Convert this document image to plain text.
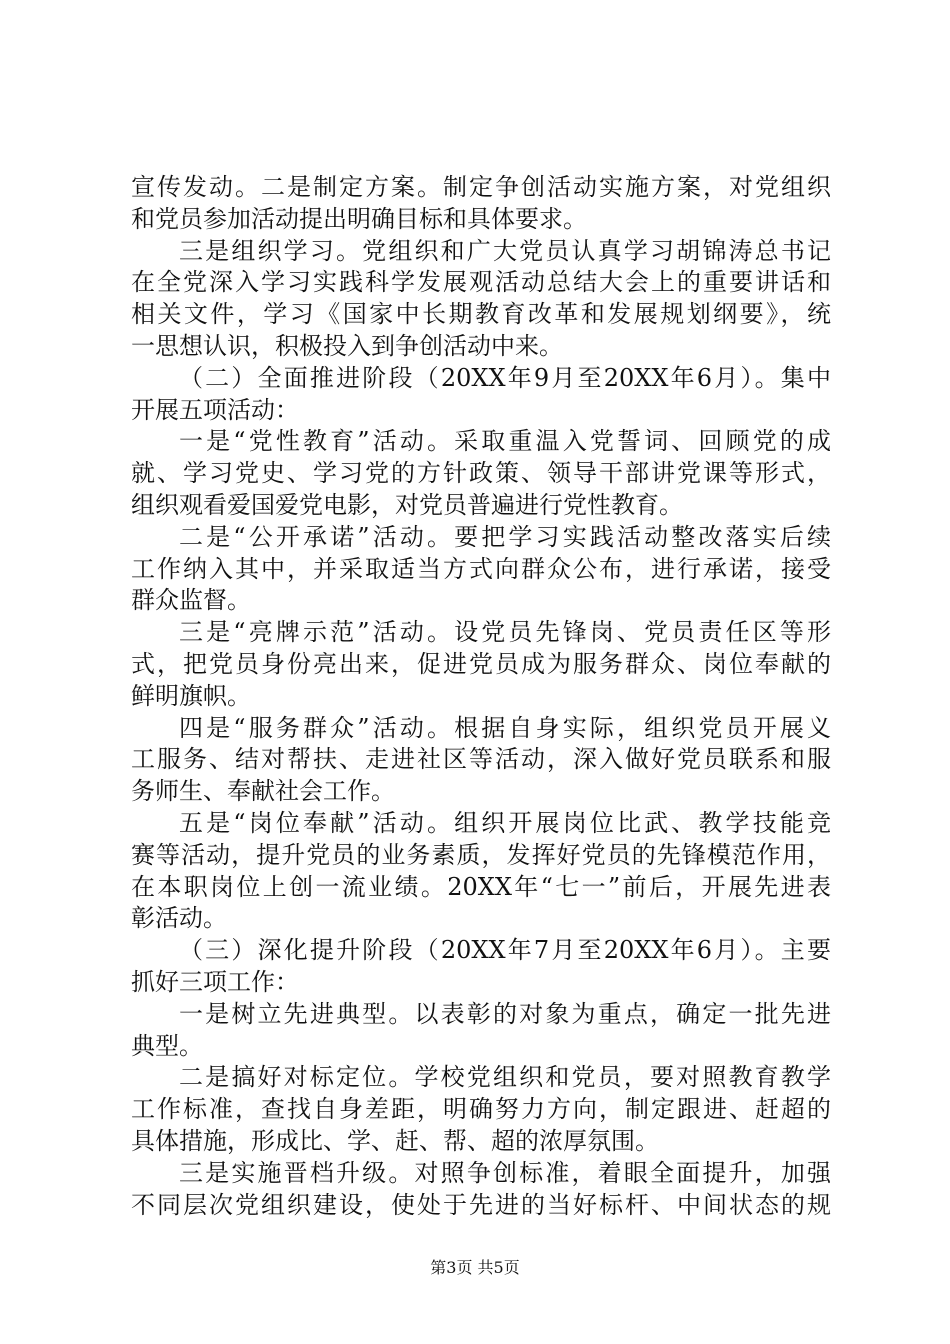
宣传发动。二是制定方案。制定争创活动实施方案，对党组织
和党员参加活动提出明确目标和具体要求。
三是组织学习。党组织和广大党员认真学习胡锦涛总书记
在全党深入学习实践科学发展观活动总结大会上的重要讲话和
相关文件，学习《国家中长期教育改革和发展规划纲要》，统
一思想认识，积极投入到争创活动中来。
（二）全面推进阶段（20XX年9月至20XX年6月）。集中
开展五项活动：
一是“党性教育”活动。采取重温入党誓词、回顾党的成
就、学习党史、学习党的方针政策、领导干部讲党课等形式，
组织观看爱国爱党电影，对党员普遍进行党性教育。
二是“公开承诺”活动。要把学习实践活动整改落实后续
工作纳入其中，并采取适当方式向群众公布，进行承诺，接受
群众监督。
三是“亮牌示范”活动。设党员先锋岗、党员责任区等形
式，把党员身份亮出来，促进党员成为服务群众、岗位奉献的
鲜明旗帜。
四是“服务群众”活动。根据自身实际，组织党员开展义
工服务、结对帮扶、走进社区等活动，深入做好党员联系和服
务师生、奉献社会工作。
五是“岗位奉献”活动。组织开展岗位比武、教学技能竞
赛等活动，提升党员的业务素质，发挥好党员的先锋模范作用，
在本职岗位上创一流业绩。20XX年“七一”前后，开展先进表
彰活动。
（三）深化提升阶段（20XX年7月至20XX年6月）。主要
抓好三项工作：
一是树立先进典型。以表彰的对象为重点，确定一批先进
典型。
二是搞好对标定位。学校党组织和党员，要对照教育教学
工作标准，查找自身差距，明确努力方向，制定跟进、赶超的
具体措施，形成比、学、赶、帮、超的浓厚氛围。
三是实施晋档升级。对照争创标准，着眼全面提升，加强
不同层次党组织建设，使处于先进的当好标杆、中间状态的规
第3页 共5页
